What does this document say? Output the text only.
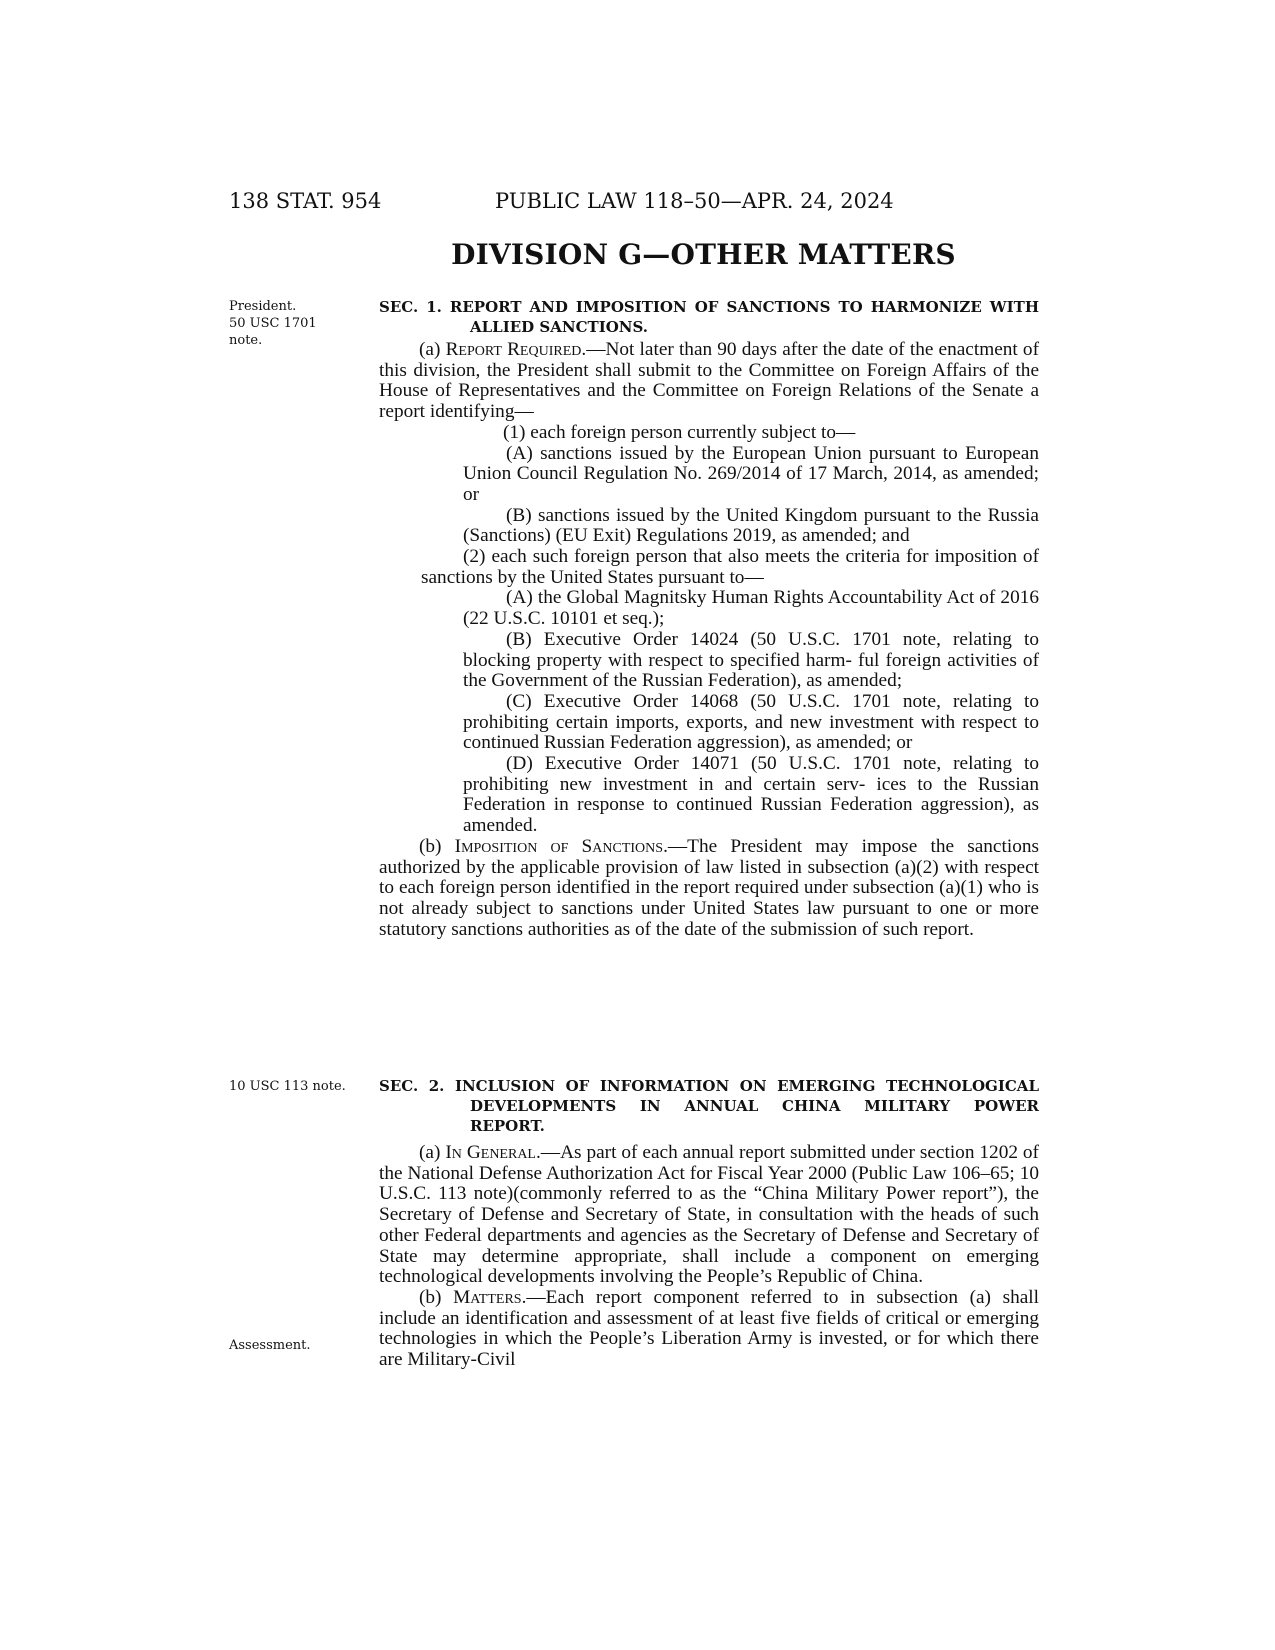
138 STAT. 954	PUBLIC LAW 118–50—APR. 24, 2024
DIVISION G—OTHER MATTERS
President.
50 USC 1701
note.
10 USC 113 note.
Assessment.
SEC. 1. REPORT AND IMPOSITION OF SANCTIONS TO HARMONIZE WITH
ALLIED SANCTIONS.

(a) Report Required.—Not later than 90 days after the date of the enactment of this division, the President shall submit to the Committee on Foreign Affairs of the House of Representatives and the Committee on Foreign Relations of the Senate a report identifying—

(1) each foreign person currently subject to—

(A) sanctions issued by the European Union pursuant to European Union Council Regulation No. 269/2014 of 17 March, 2014, as amended; or

(B) sanctions issued by the United Kingdom pursuant to the Russia (Sanctions) (EU Exit) Regulations 2019, as amended; and

(2) each such foreign person that also meets the criteria for imposition of sanctions by the United States pursuant to—

(A) the Global Magnitsky Human Rights Accountability Act of 2016 (22 U.S.C. 10101 et seq.);

(B) Executive Order 14024 (50 U.S.C. 1701 note, relating to blocking property with respect to specified harm- ful foreign activities of the Government of the Russian Federation), as amended;

(C) Executive Order 14068 (50 U.S.C. 1701 note, relating to prohibiting certain imports, exports, and new investment with respect to continued Russian Federation aggression), as amended; or

(D) Executive Order 14071 (50 U.S.C. 1701 note, relating to prohibiting new investment in and certain serv- ices to the Russian Federation in response to continued Russian Federation aggression), as amended.

(b) Imposition of Sanctions.—The President may impose the sanctions authorized by the applicable provision of law listed in subsection (a)(2) with respect to each foreign person identified in the report required under subsection (a)(1) who is not already subject to sanctions under United States law pursuant to one or more statutory sanctions authorities as of the date of the submission of such report.

SEC. 2. INCLUSION OF INFORMATION ON EMERGING TECHNOLOGICAL
DEVELOPMENTS IN ANNUAL CHINA MILITARY POWER
REPORT.

(a) In General.—As part of each annual report submitted under section 1202 of the National Defense Authorization Act for Fiscal Year 2000 (Public Law 106–65; 10 U.S.C. 113 note)(commonly referred to as the “China Military Power report”), the Secretary of Defense and Secretary of State, in consultation with the heads of such other Federal departments and agencies as the Secretary of Defense and Secretary of State may determine appropriate, shall include a component on emerging technological developments involving the People’s Republic of China.

(b) Matters.—Each report component referred to in subsection (a) shall include an identification and assessment of at least five fields of critical or emerging technologies in which the People’s Liberation Army is invested, or for which there are Military-Civil
